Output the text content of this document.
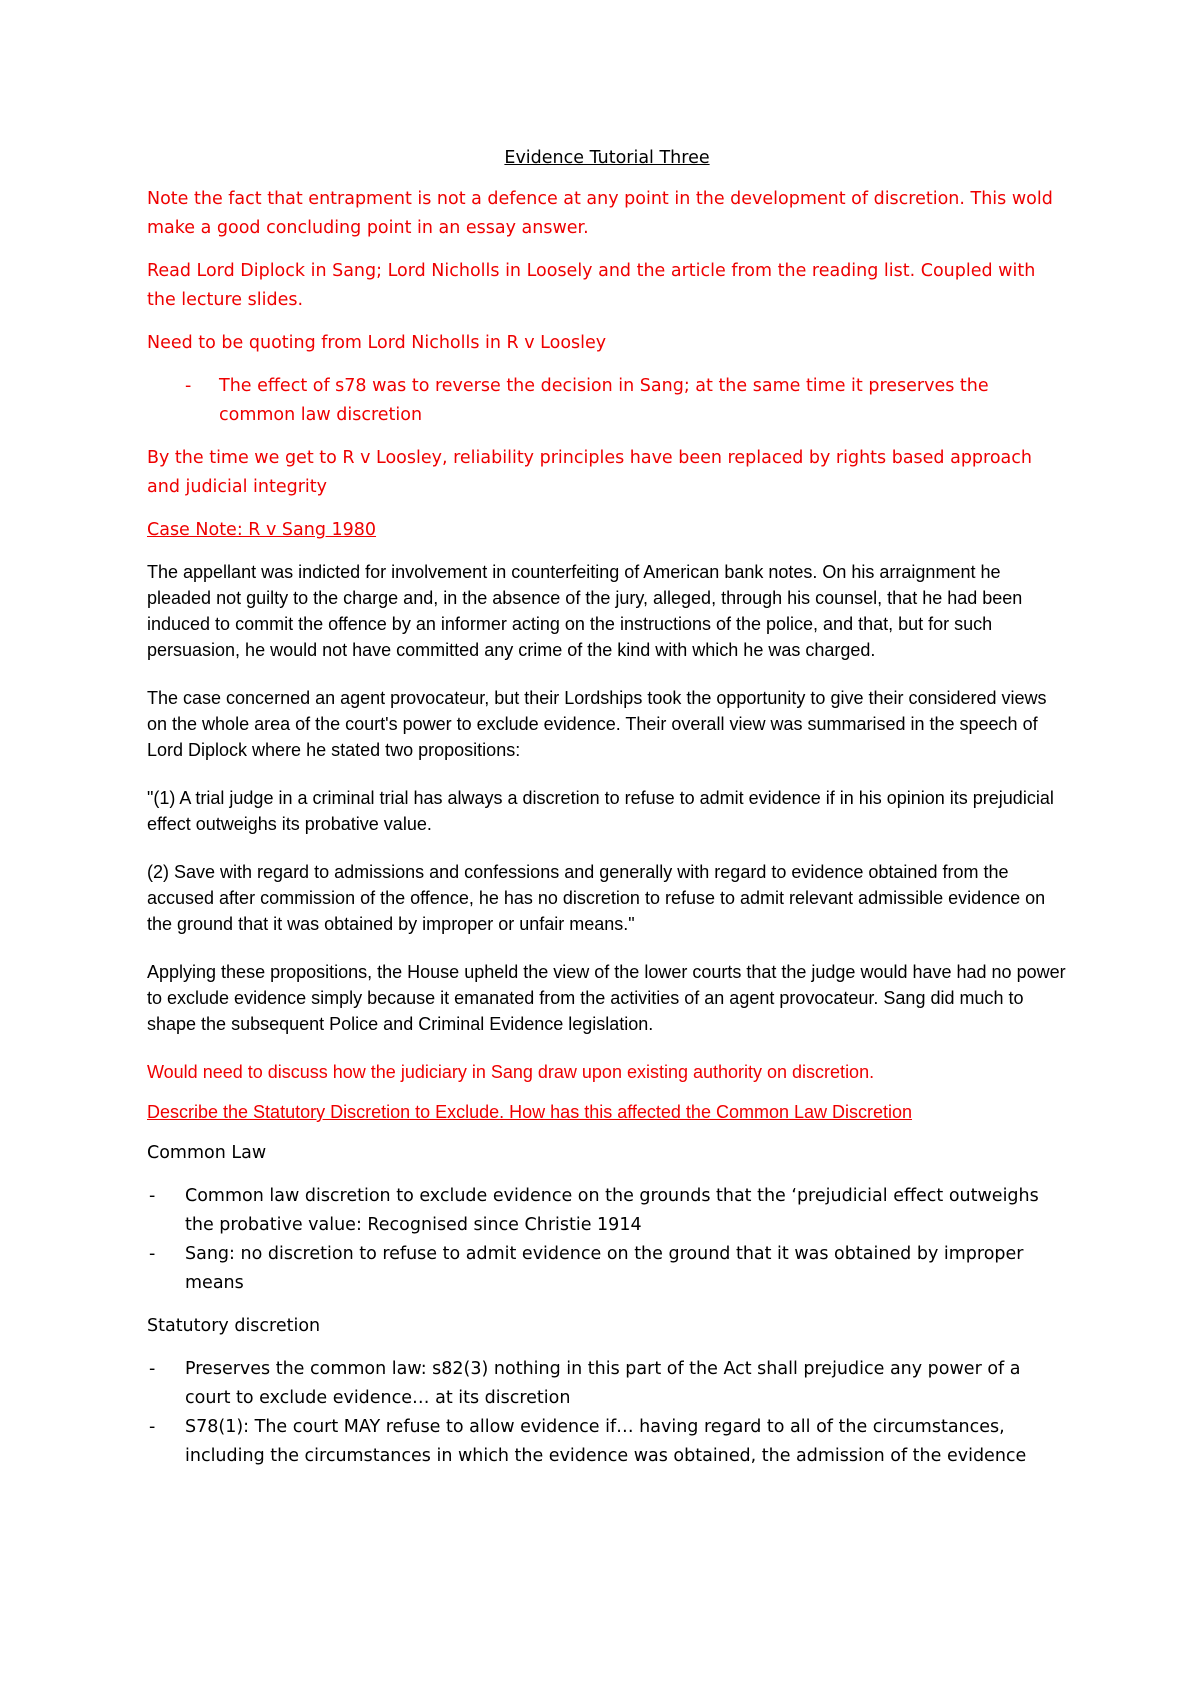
Evidence Tutorial Three

Note the fact that entrapment is not a defence at any point in the development of discretion. This wold make a good concluding point in an essay answer.

Read Lord Diplock in Sang; Lord Nicholls in Loosely and the article from the reading list. Coupled with the lecture slides.

Need to be quoting from Lord Nicholls in R v Loosley

- The effect of s78 was to reverse the decision in Sang; at the same time it preserves the common law discretion

By the time we get to R v Loosley, reliability principles have been replaced by rights based approach and judicial integrity

Case Note: R v Sang 1980

The appellant was indicted for involvement in counterfeiting of American bank notes. On his arraignment he pleaded not guilty to the charge and, in the absence of the jury, alleged, through his counsel, that he had been induced to commit the offence by an informer acting on the instructions of the police, and that, but for such persuasion, he would not have committed any crime of the kind with which he was charged.

The case concerned an agent provocateur, but their Lordships took the opportunity to give their considered views on the whole area of the court's power to exclude evidence. Their overall view was summarised in the speech of Lord Diplock where he stated two propositions:

"(1) A trial judge in a criminal trial has always a discretion to refuse to admit evidence if in his opinion its prejudicial effect outweighs its probative value.

(2) Save with regard to admissions and confessions and generally with regard to evidence obtained from the accused after commission of the offence, he has no discretion to refuse to admit relevant admissible evidence on the ground that it was obtained by improper or unfair means."

Applying these propositions, the House upheld the view of the lower courts that the judge would have had no power to exclude evidence simply because it emanated from the activities of an agent provocateur. Sang did much to shape the subsequent Police and Criminal Evidence legislation.

Would need to discuss how the judiciary in Sang draw upon existing authority on discretion.

Describe the Statutory Discretion to Exclude. How has this affected the Common Law Discretion

Common Law

- Common law discretion to exclude evidence on the grounds that the ‘prejudicial effect outweighs the probative value: Recognised since Christie 1914
- Sang: no discretion to refuse to admit evidence on the ground that it was obtained by improper means

Statutory discretion

- Preserves the common law: s82(3) nothing in this part of the Act shall prejudice any power of a court to exclude evidence… at its discretion
- S78(1): The court MAY refuse to allow evidence if… having regard to all of the circumstances, including the circumstances in which the evidence was obtained, the admission of the evidence
